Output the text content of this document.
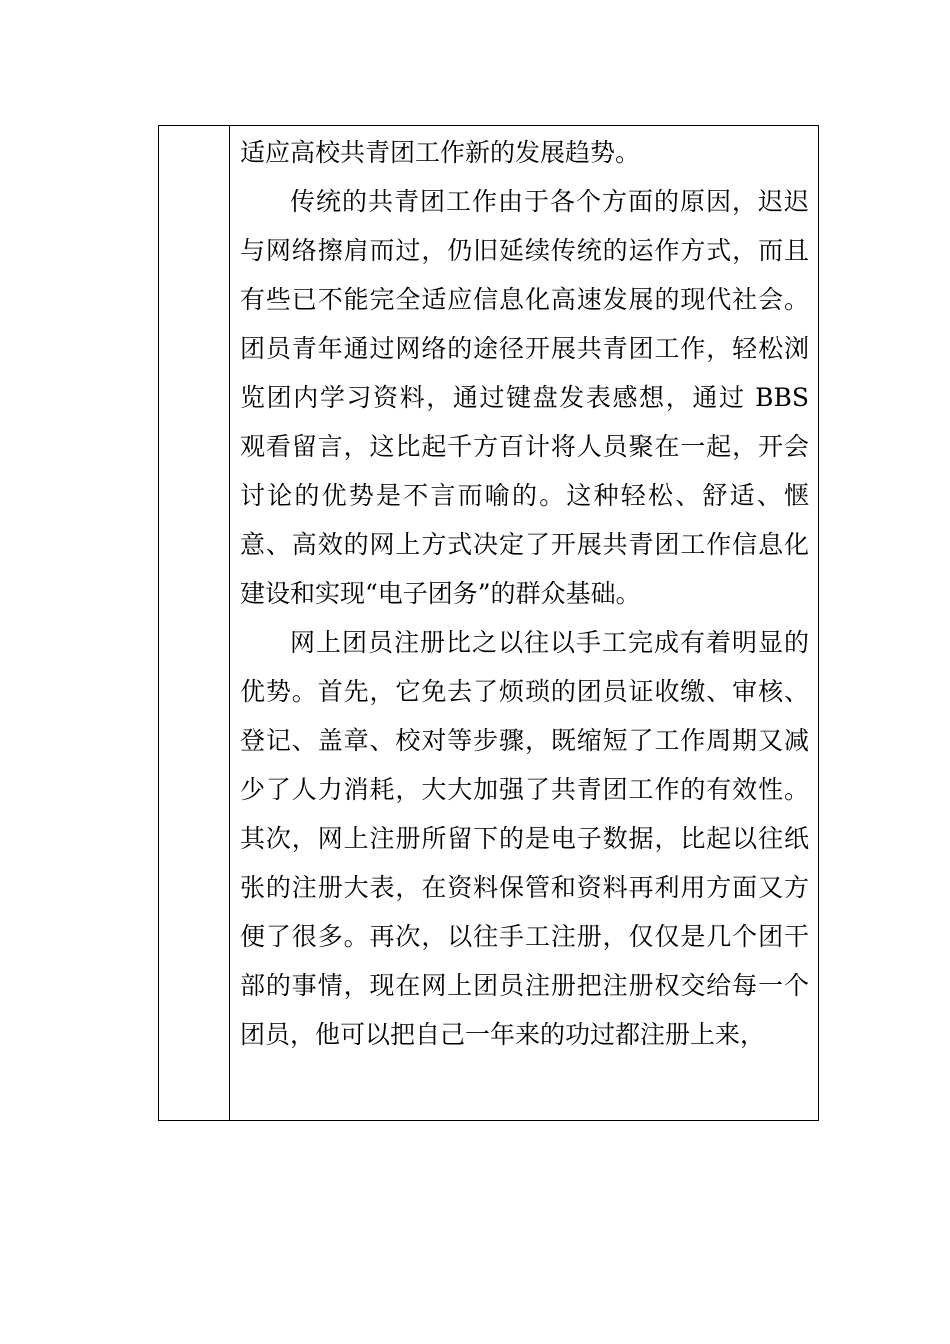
适应高校共青团工作新的发展趋势。

传统的共青团工作由于各个方面的原因，迟迟与网络擦肩而过，仍旧延续传统的运作方式，而且有些已不能完全适应信息化高速发展的现代社会。团员青年通过网络的途径开展共青团工作，轻松浏览团内学习资料，通过键盘发表感想，通过 BBS 观看留言，这比起千方百计将人员聚在一起，开会讨论的优势是不言而喻的。这种轻松、舒适、惬意、高效的网上方式决定了开展共青团工作信息化建设和实现“电子团务”的群众基础。

网上团员注册比之以往以手工完成有着明显的优势。首先，它免去了烦琐的团员证收缴、审核、登记、盖章、校对等步骤，既缩短了工作周期又减少了人力消耗，大大加强了共青团工作的有效性。其次，网上注册所留下的是电子数据，比起以往纸张的注册大表，在资料保管和资料再利用方面又方便了很多。再次，以往手工注册，仅仅是几个团干部的事情，现在网上团员注册把注册权交给每一个团员，他可以把自己一年来的功过都注册上来，
